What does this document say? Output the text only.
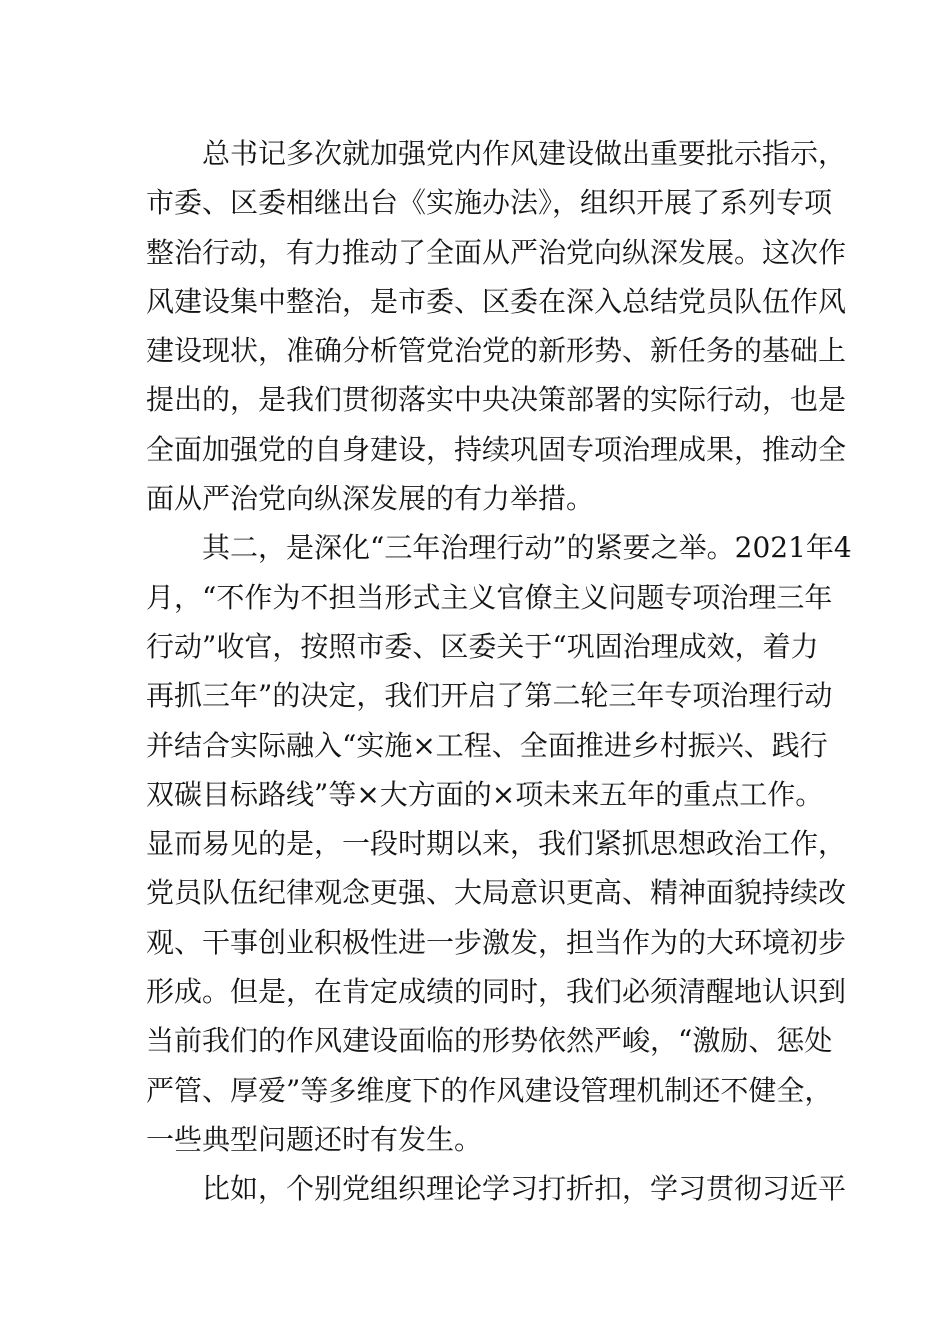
总书记多次就加强党内作风建设做出重要批示指示，
市委、区委相继出台《实施办法》，组织开展了系列专项
整治行动，有力推动了全面从严治党向纵深发展。这次作
风建设集中整治，是市委、区委在深入总结党员队伍作风
建设现状，准确分析管党治党的新形势、新任务的基础上
提出的，是我们贯彻落实中央决策部署的实际行动，也是
全面加强党的自身建设，持续巩固专项治理成果，推动全
面从严治党向纵深发展的有力举措。
其二，是深化“三年治理行动”的紧要之举。2021年4
月，“不作为不担当形式主义官僚主义问题专项治理三年
行动”收官，按照市委、区委关于“巩固治理成效，着力
再抓三年”的决定，我们开启了第二轮三年专项治理行动
并结合实际融入“实施×工程、全面推进乡村振兴、践行
双碳目标路线”等×大方面的×项未来五年的重点工作。
显而易见的是，一段时期以来，我们紧抓思想政治工作，
党员队伍纪律观念更强、大局意识更高、精神面貌持续改
观、干事创业积极性进一步激发，担当作为的大环境初步
形成。但是，在肯定成绩的同时，我们必须清醒地认识到
当前我们的作风建设面临的形势依然严峻，“激励、惩处
严管、厚爱”等多维度下的作风建设管理机制还不健全，
一些典型问题还时有发生。
比如，个别党组织理论学习打折扣，学习贯彻习近平
